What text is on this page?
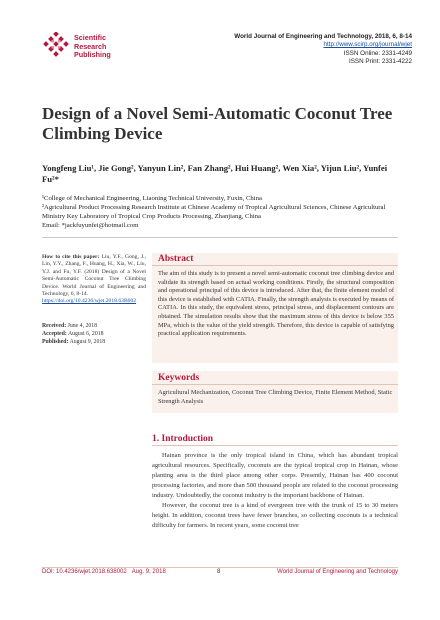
Scientific
Research
Publishing
World Journal of Engineering and Technology, 2018, 6, 8-14
http://www.scirp.org/journal/wjet
ISSN Online: 2331-4249
ISSN Print: 2331-4222
Design of a Novel Semi-Automatic Coconut Tree Climbing Device
Yongfeng Liu¹, Jie Gong², Yanyun Lin², Fan Zhang², Hui Huang², Wen Xia², Yijun Liu², Yunfei Fu²*
¹College of Mechanical Engineering, Liaoning Technical University, Fuxin, China
²Agricultural Product Processing Research Institute at Chinese Academy of Tropical Agricultural Sciences, Chinese Agricultural Ministry Key Laboratory of Tropical Crop Products Processing, Zhanjiang, China
Email: *jackfuyunfei@hotmail.com
How to cite this paper: Liu, Y.F., Gong, J., Lin, Y.Y., Zhang, F., Huang, H., Xia, W., Liu, Y.J. and Fu, Y.F. (2018) Design of a Novel Semi-Automatic Coconut Tree Climbing Device. World Journal of Engineering and Technology, 6, 8-14.
https://doi.org/10.4236/wjet.2018.63B002
Received: June 4, 2018
Accepted: August 6, 2018
Published: August 9, 2018
Abstract
The aim of this study is to present a novel semi-automatic coconut tree climbing device and validate its strength based on actual working conditions. Firstly, the structural composition and operational principal of this device is introduced. After that, the finite element model of this device is established with CATIA. Finally, the strength analysis is executed by means of CATIA. In this study, the equivalent stress, principal stress, and displacement contours are obtained. The simulation results show that the maximum stress of this device is below 355 MPa, which is the value of the yield strength. Therefore, this device is capable of satisfying practical application requirements.
Keywords
Agricultural Mechanization, Coconut Tree Climbing Device, Finite Element Method, Static Strength Analysis
1. Introduction

Hainan province is the only tropical island in China, which has abundant tropical agricultural resources. Specifically, coconuts are the typical tropical crop in Hainan, whose planting area is the third place among other corps. Presently, Hainan has 400 coconut processing factories, and more than 500 thousand people are related to the coconut processing industry. Undoubtedly, the coconut industry is the important backbone of Hainan.

However, the coconut tree is a kind of evergreen tree with the trunk of 15 to 30 meters height. In addition, coconut trees have fewer branches, so collecting coconuts is a technical difficulty for farmers. In recent years, some coconut tree

DOI: 10.4236/wjet.2018.638002 Aug. 9, 2018	8	World Journal of Engineering and Technology
